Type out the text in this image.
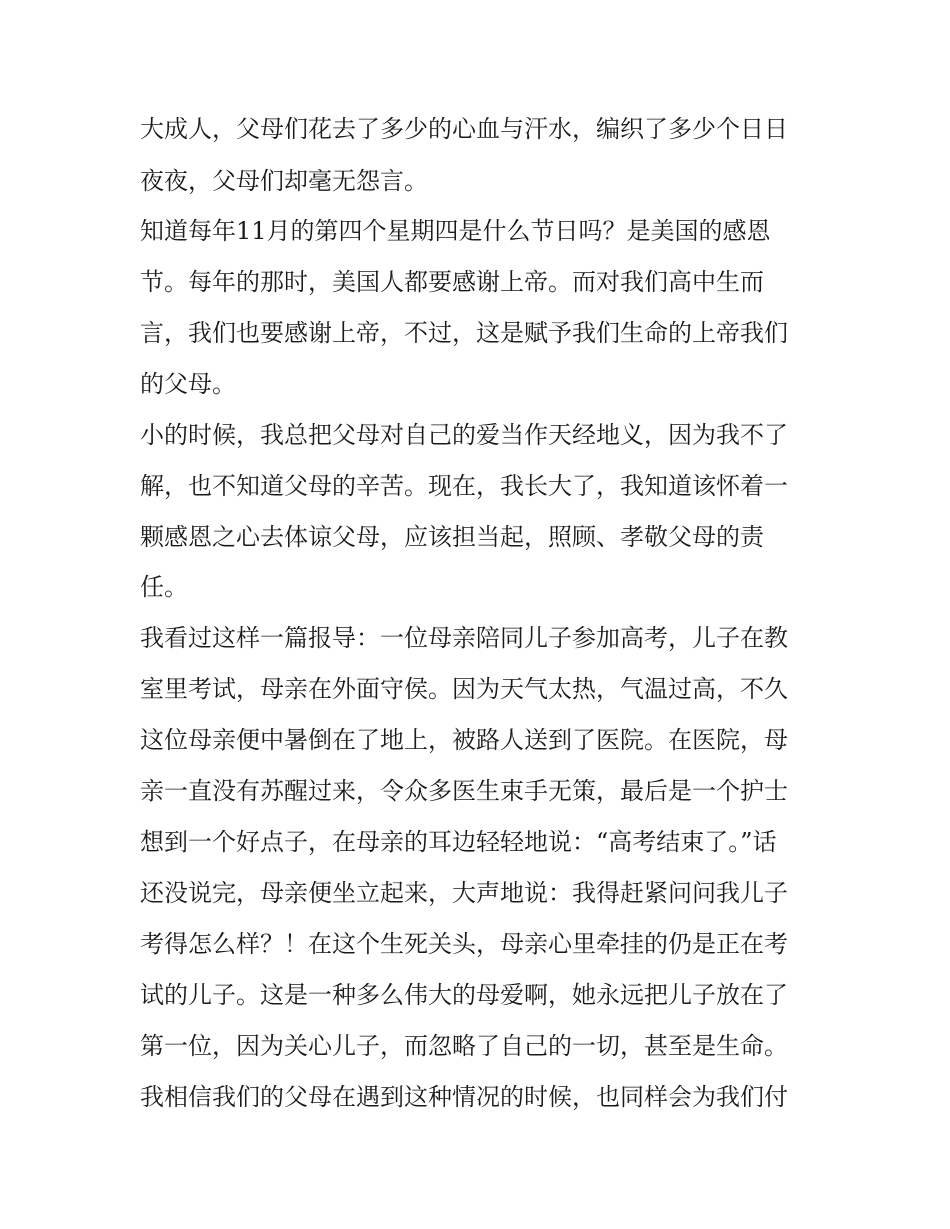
大成人，父母们花去了多少的心血与汗水，编织了多少个日日
夜夜，父母们却毫无怨言。
知道每年11月的第四个星期四是什么节日吗？是美国的感恩
节。每年的那时，美国人都要感谢上帝。而对我们高中生而
言，我们也要感谢上帝，不过，这是赋予我们生命的上帝我们
的父母。
小的时候，我总把父母对自己的爱当作天经地义，因为我不了
解，也不知道父母的辛苦。现在，我长大了，我知道该怀着一
颗感恩之心去体谅父母，应该担当起，照顾、孝敬父母的责
任。
我看过这样一篇报导：一位母亲陪同儿子参加高考，儿子在教
室里考试，母亲在外面守侯。因为天气太热，气温过高，不久
这位母亲便中暑倒在了地上，被路人送到了医院。在医院，母
亲一直没有苏醒过来，令众多医生束手无策，最后是一个护士
想到一个好点子，在母亲的耳边轻轻地说：“高考结束了。”话
还没说完，母亲便坐立起来，大声地说：我得赶紧问问我儿子
考得怎么样？！在这个生死关头，母亲心里牵挂的仍是正在考
试的儿子。这是一种多么伟大的母爱啊，她永远把儿子放在了
第一位，因为关心儿子，而忽略了自己的一切，甚至是生命。
我相信我们的父母在遇到这种情况的时候，也同样会为我们付
